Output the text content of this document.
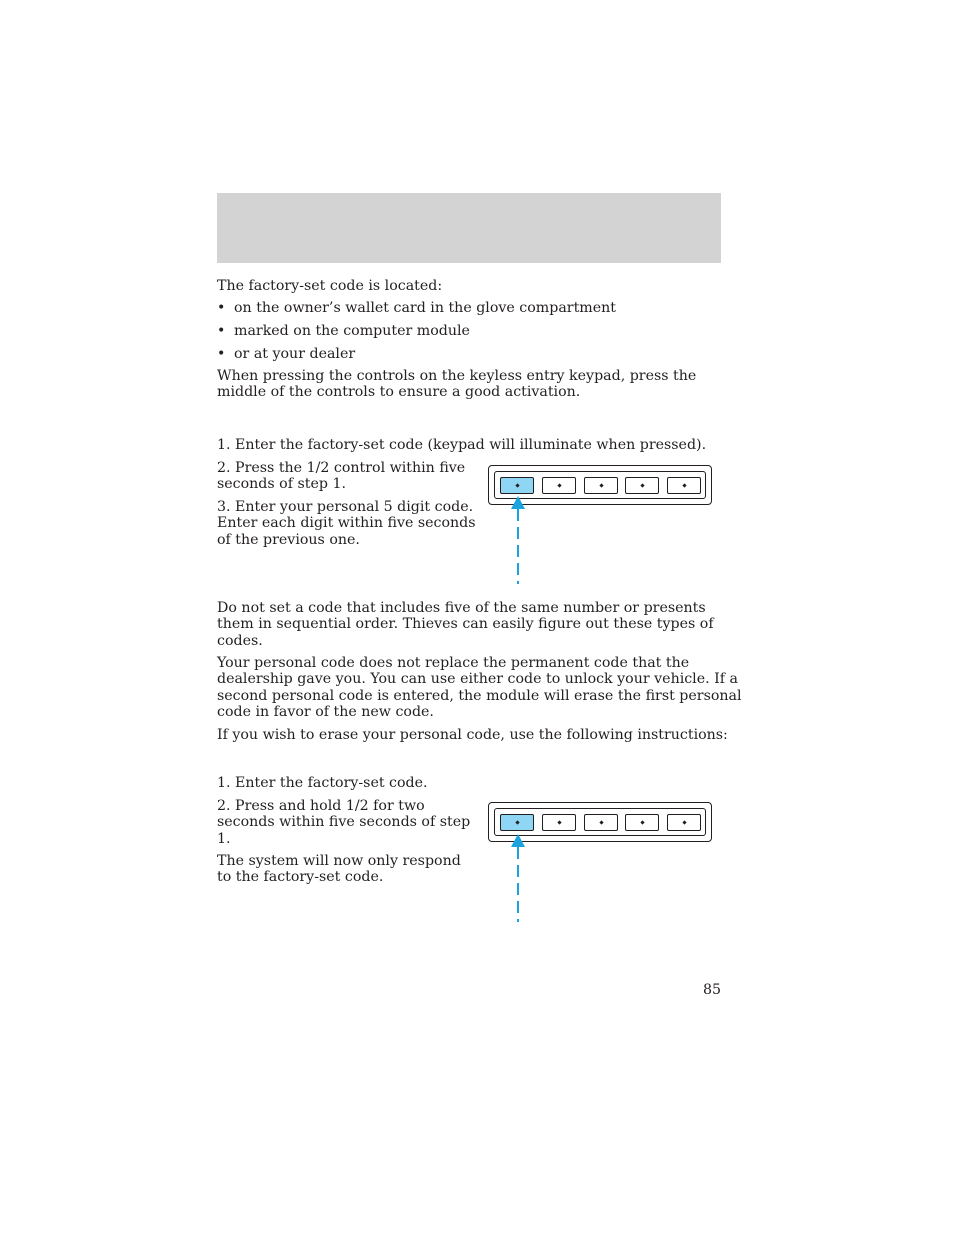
The factory-set code is located:

• on the owner’s wallet card in the glove compartment
• marked on the computer module
• or at your dealer
When pressing the controls on the keyless entry keypad, press the
middle of the controls to ensure a good activation.

1. Enter the factory-set code (keypad will illuminate when pressed).

2. Press the 1/2 control within five
seconds of step 1.
3. Enter your personal 5 digit code.
Enter each digit within five seconds
of the previous one.
Do not set a code that includes five of the same number or presents
them in sequential order. Thieves can easily figure out these types of
codes.
Your personal code does not replace the permanent code that the
dealership gave you. You can use either code to unlock your vehicle. If a
second personal code is entered, the module will erase the first personal
code in favor of the new code.

If you wish to erase your personal code, use the following instructions:

1. Enter the factory-set code.

2. Press and hold 1/2 for two
seconds within five seconds of step
1.
The system will now only respond
to the factory-set code.
85
